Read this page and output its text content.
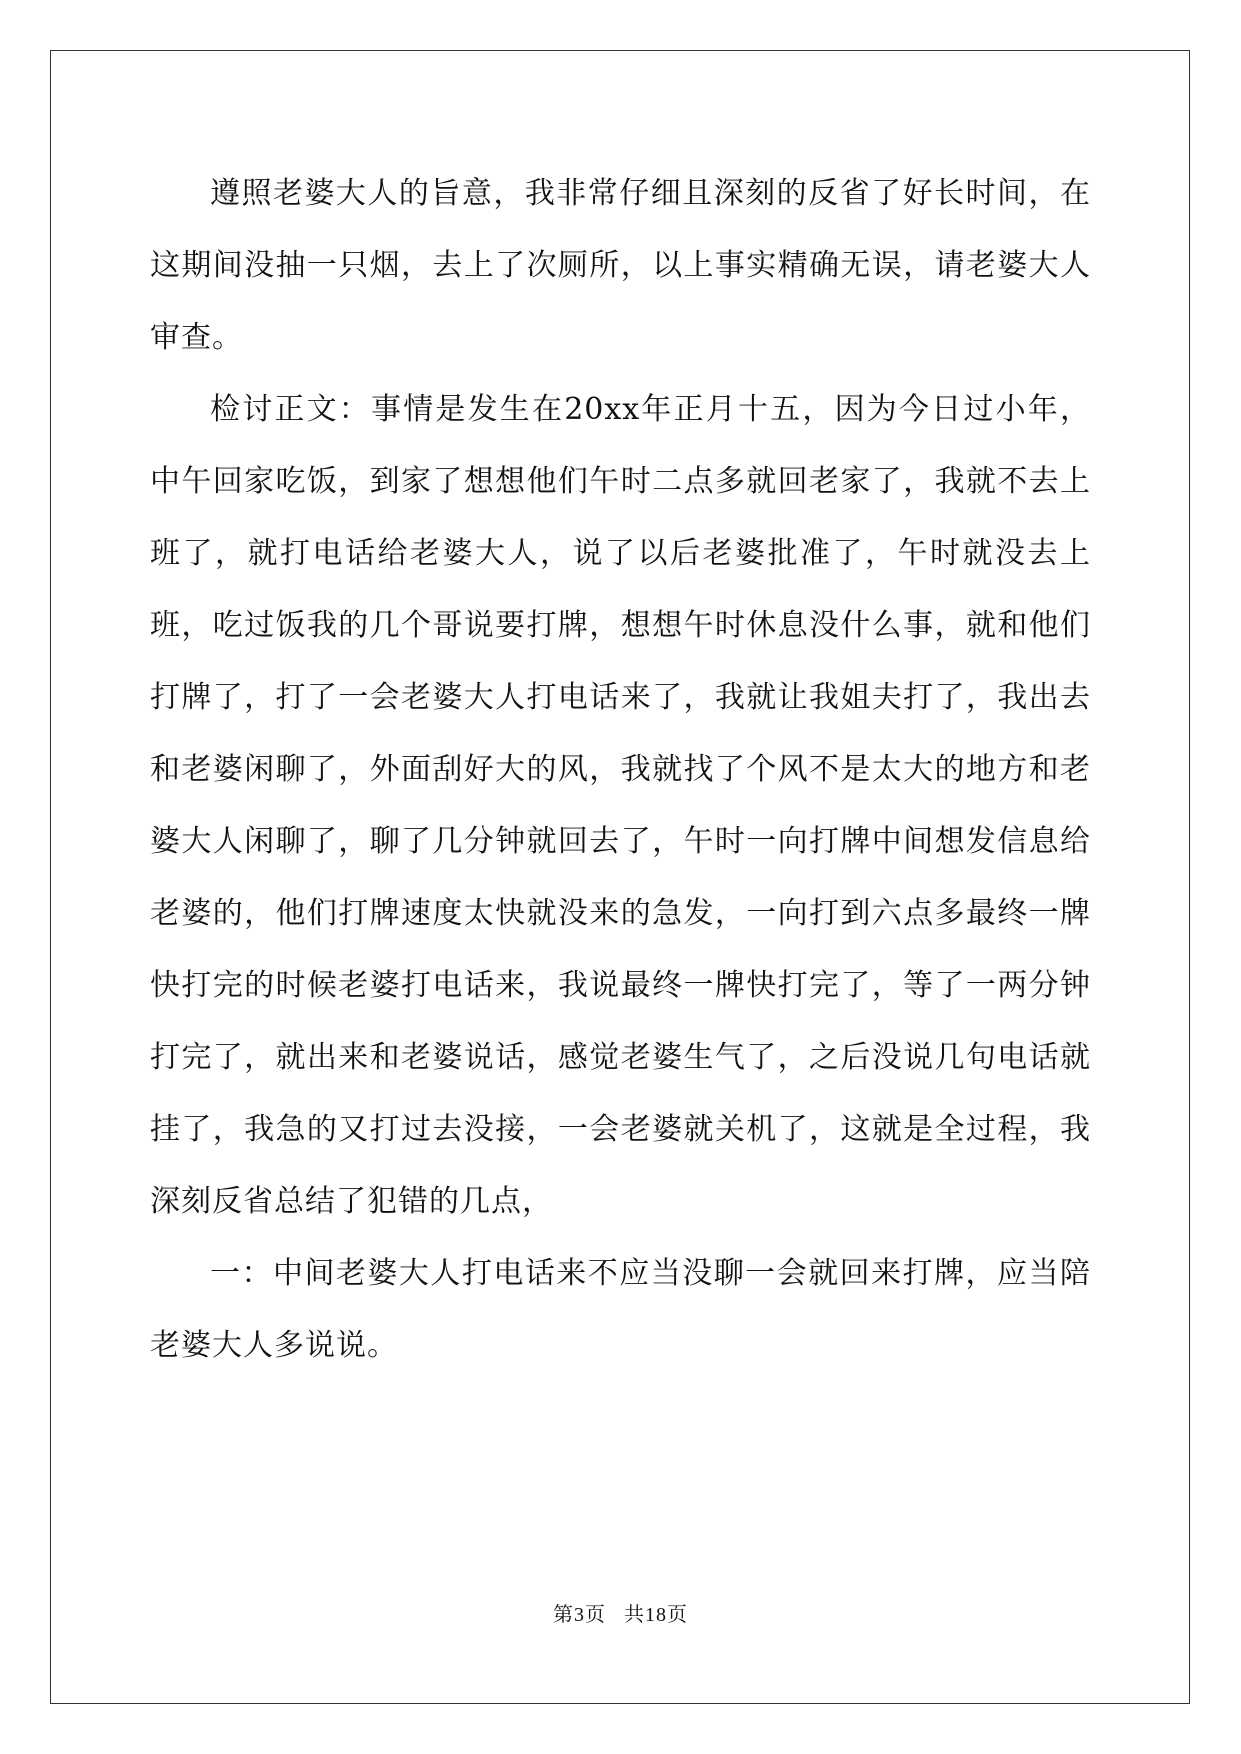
遵照老婆大人的旨意，我非常仔细且深刻的反省了好长时间，在这期间没抽一只烟，去上了次厕所，以上事实精确无误，请老婆大人审查。

检讨正文：事情是发生在20xx年正月十五，因为今日过小年，中午回家吃饭，到家了想想他们午时二点多就回老家了，我就不去上班了，就打电话给老婆大人，说了以后老婆批准了，午时就没去上班，吃过饭我的几个哥说要打牌，想想午时休息没什么事，就和他们打牌了，打了一会老婆大人打电话来了，我就让我姐夫打了，我出去和老婆闲聊了，外面刮好大的风，我就找了个风不是太大的地方和老婆大人闲聊了，聊了几分钟就回去了，午时一向打牌中间想发信息给老婆的，他们打牌速度太快就没来的急发，一向打到六点多最终一牌快打完的时候老婆打电话来，我说最终一牌快打完了，等了一两分钟打完了，就出来和老婆说话，感觉老婆生气了，之后没说几句电话就挂了，我急的又打过去没接，一会老婆就关机了，这就是全过程，我深刻反省总结了犯错的几点，

一：中间老婆大人打电话来不应当没聊一会就回来打牌，应当陪老婆大人多说说。

第3页 共18页
